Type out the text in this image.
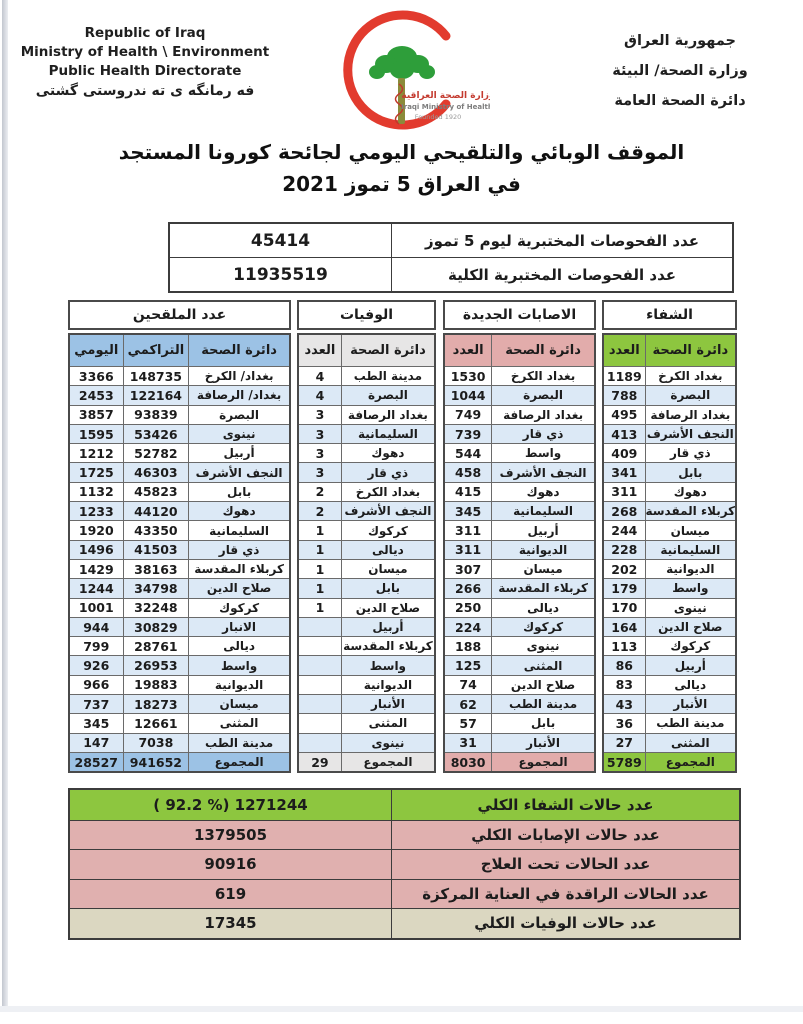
Republic of Iraq
Ministry of Health \ Environment
Public Health Directorate
فه رمانگه ی ته ندروستی گشتی	وزارة الصحة العراقية
Iraqi Ministry of Health
Founded 1920
جمهورية العراق
وزارة الصحة/ البيئة
دائرة الصحة العامة
الموقف الوبائي والتلقيحي اليومي لجائحة كورونا المستجد
في العراق 5 تموز 2021
45414	عدد الفحوصات المختبرية ليوم 5 تموز
11935519	عدد الفحوصات المختبرية الكلية
عدد الملقحين
اليومي التراكمي	دائرة الصحة
3366	148735	بغداد/ الكرخ
2453	122164	بغداد/ الرصافة
3857	93839	البصرة
1595	53426	نينوى
1212	52782	أربيل
1725	46303	النجف الأشرف
1132	45823	بابل
1233	44120	دهوك
1920	43350	السليمانية
1496	41503	ذي قار
1429	38163	كربلاء المقدسة
1244	34798	صلاح الدين
1001	32248	كركوك
944	30829	الانبار
799	28761	ديالى
926	26953	واسط
966	19883	الديوانية
737	18273	ميسان
345	12661	المثنى
147	7038	مدينة الطب
28527 941652	المجموع
الوفيات
العدد	دائرة الصحة
4	مدينة الطب
4	البصرة
3	بغداد الرصافة
3	السليمانية
3	دهوك
3	ذي قار
2	بغداد الكرخ
2	النجف الأشرف
1	كركوك
1	ديالى
1	ميسان
1	بابل
1	صلاح الدين
أربيل
كربلاء المقدسة
واسط
الديوانية
الأنبار
المثنى
نينوى
29	المجموع
الاصابات الجديدة
العدد	دائرة الصحة
1530	بغداد الكرخ
1044	البصرة
749	بغداد الرصافة
739	ذي قار
544	واسط
458	النجف الأشرف
415	دهوك
345	السليمانية
311	أربيل
311	الديوانية
307	ميسان
266	كربلاء المقدسة
250	ديالى
224	كركوك
188	نينوى
125	المثنى
74	صلاح الدين
62	مدينة الطب
57	بابل
31	الأنبار
8030	المجموع
الشفاء
العدد دائرة الصحة
1189	بغداد الكرخ
788	البصرة
495	بغداد الرصافة
413 النجف الأشرف
409	ذي قار
341	بابل
311	دهوك
268 كربلاء المقدسة
244	ميسان
228	السليمانية
202	الديوانية
179	واسط
170	نينوى
164	صلاح الدين
113	كركوك
86	أربيل
83	ديالى
43	الأنبار
36	مدينة الطب
27	المثنى
5789	المجموع
( 92.2 %) 1271244	عدد حالات الشفاء الكلي
1379505	عدد حالات الإصابات الكلي
90916	عدد الحالات تحت العلاج
619	عدد الحالات الراقدة في العناية المركزة
17345	عدد حالات الوفيات الكلي
